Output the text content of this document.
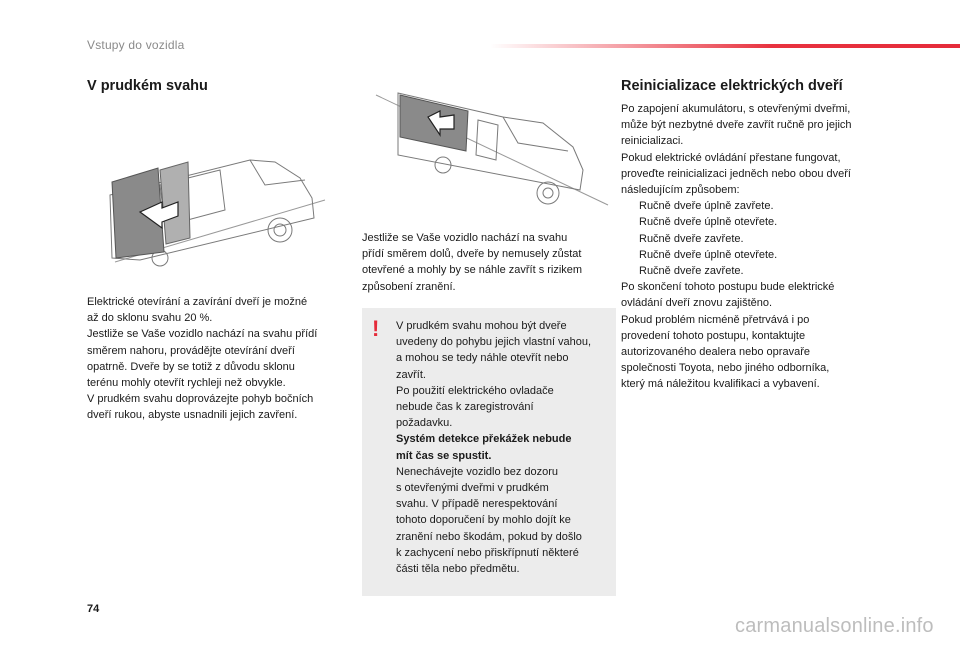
Vstupy do vozidla
V prudkém svahu

Elektrické otevírání a zavírání dveří je možné

až do sklonu svahu 20 %.

Jestliže se Vaše vozidlo nachází na svahu přídí

směrem nahoru, provádějte otevírání dveří

opatrně. Dveře by se totiž z důvodu sklonu

terénu mohly otevřít rychleji než obvykle.

V prudkém svahu doprovázejte pohyb bočních

dveří rukou, abyste usnadnili jejich zavření.

Jestliže se Vaše vozidlo nachází na svahu

přídí směrem dolů, dveře by nemusely zůstat

otevřené a mohly by se náhle zavřít s rizikem

způsobení zranění.

! V prudkém svahu mohou být dveře

uvedeny do pohybu jejich vlastní vahou,

a mohou se tedy náhle otevřít nebo

zavřít.

Po použití elektrického ovladače

nebude čas k zaregistrování

požadavku.

Systém detekce překážek nebude

mít čas se spustit.

Nenechávejte vozidlo bez dozoru

s otevřenými dveřmi v prudkém

svahu. V případě nerespektování

tohoto doporučení by mohlo dojít ke

zranění nebo škodám, pokud by došlo

k zachycení nebo přiskřípnutí některé

části těla nebo předmětu.

Reinicializace elektrických dveří

Po zapojení akumulátoru, s otevřenými dveřmi,

může být nezbytné dveře zavřít ručně pro jejich

reinicializaci.

Pokud elektrické ovládání přestane fungovat,

proveďte reinicializaci jedněch nebo obou dveří

následujícím způsobem:

Ručně dveře úplně zavřete.
Ručně dveře úplně otevřete.
Ručně dveře zavřete.
Ručně dveře úplně otevřete.
Ručně dveře zavřete.

Po skončení tohoto postupu bude elektrické

ovládání dveří znovu zajištěno.

Pokud problém nicméně přetrvává i po

provedení tohoto postupu, kontaktujte

autorizovaného dealera nebo opravaře

společnosti Toyota, nebo jiného odborníka,

který má náležitou kvalifikaci a vybavení.

74
carmanualsonline.info
